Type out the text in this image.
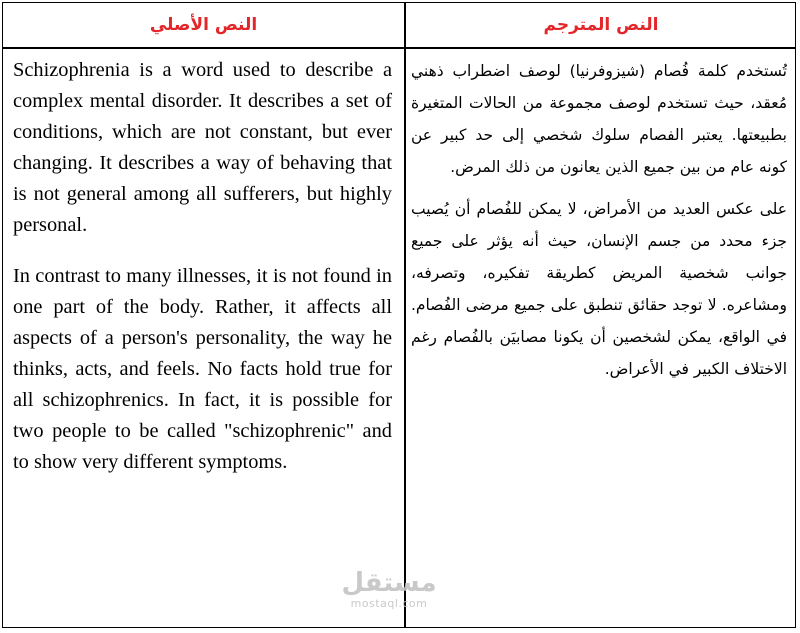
النص الأصلي	النص المترجم

Schizophrenia is a word used to describe a complex mental disorder. It describes a set of conditions, which are not constant, but ever changing. It describes a way of behaving that is not general among all sufferers, but highly personal.

In contrast to many illnesses, it is not found in one part of the body. Rather, it affects all aspects of a person's personality, the way he thinks, acts, and feels. No facts hold true for all schizophrenics. In fact, it is possible for two people to be called "schizophrenic" and to show very different symptoms.

تُستخدم كلمة فُصام (شيزوفرنيا) لوصف اضطراب ذهني مُعقد، حيث تستخدم لوصف مجموعة من الحالات المتغيرة بطبيعتها. يعتبر الفصام سلوك شخصي إلى حد كبير عن كونه عام من بين جميع الذين يعانون من ذلك المرض.

على عكس العديد من الأمراض، لا يمكن للفُصام أن يُصيب جزء محدد من جسم الإنسان، حيث أنه يؤثر على جميع جوانب شخصية المريض كطريقة تفكيره، وتصرفه، ومشاعره. لا توجد حقائق تنطبق على جميع مرضى الفُصام. في الواقع، يمكن لشخصين أن يكونا مصابيَن بالفُصام رغم الاختلاف الكبير في الأعراض.

مستقل
mostaql.com
